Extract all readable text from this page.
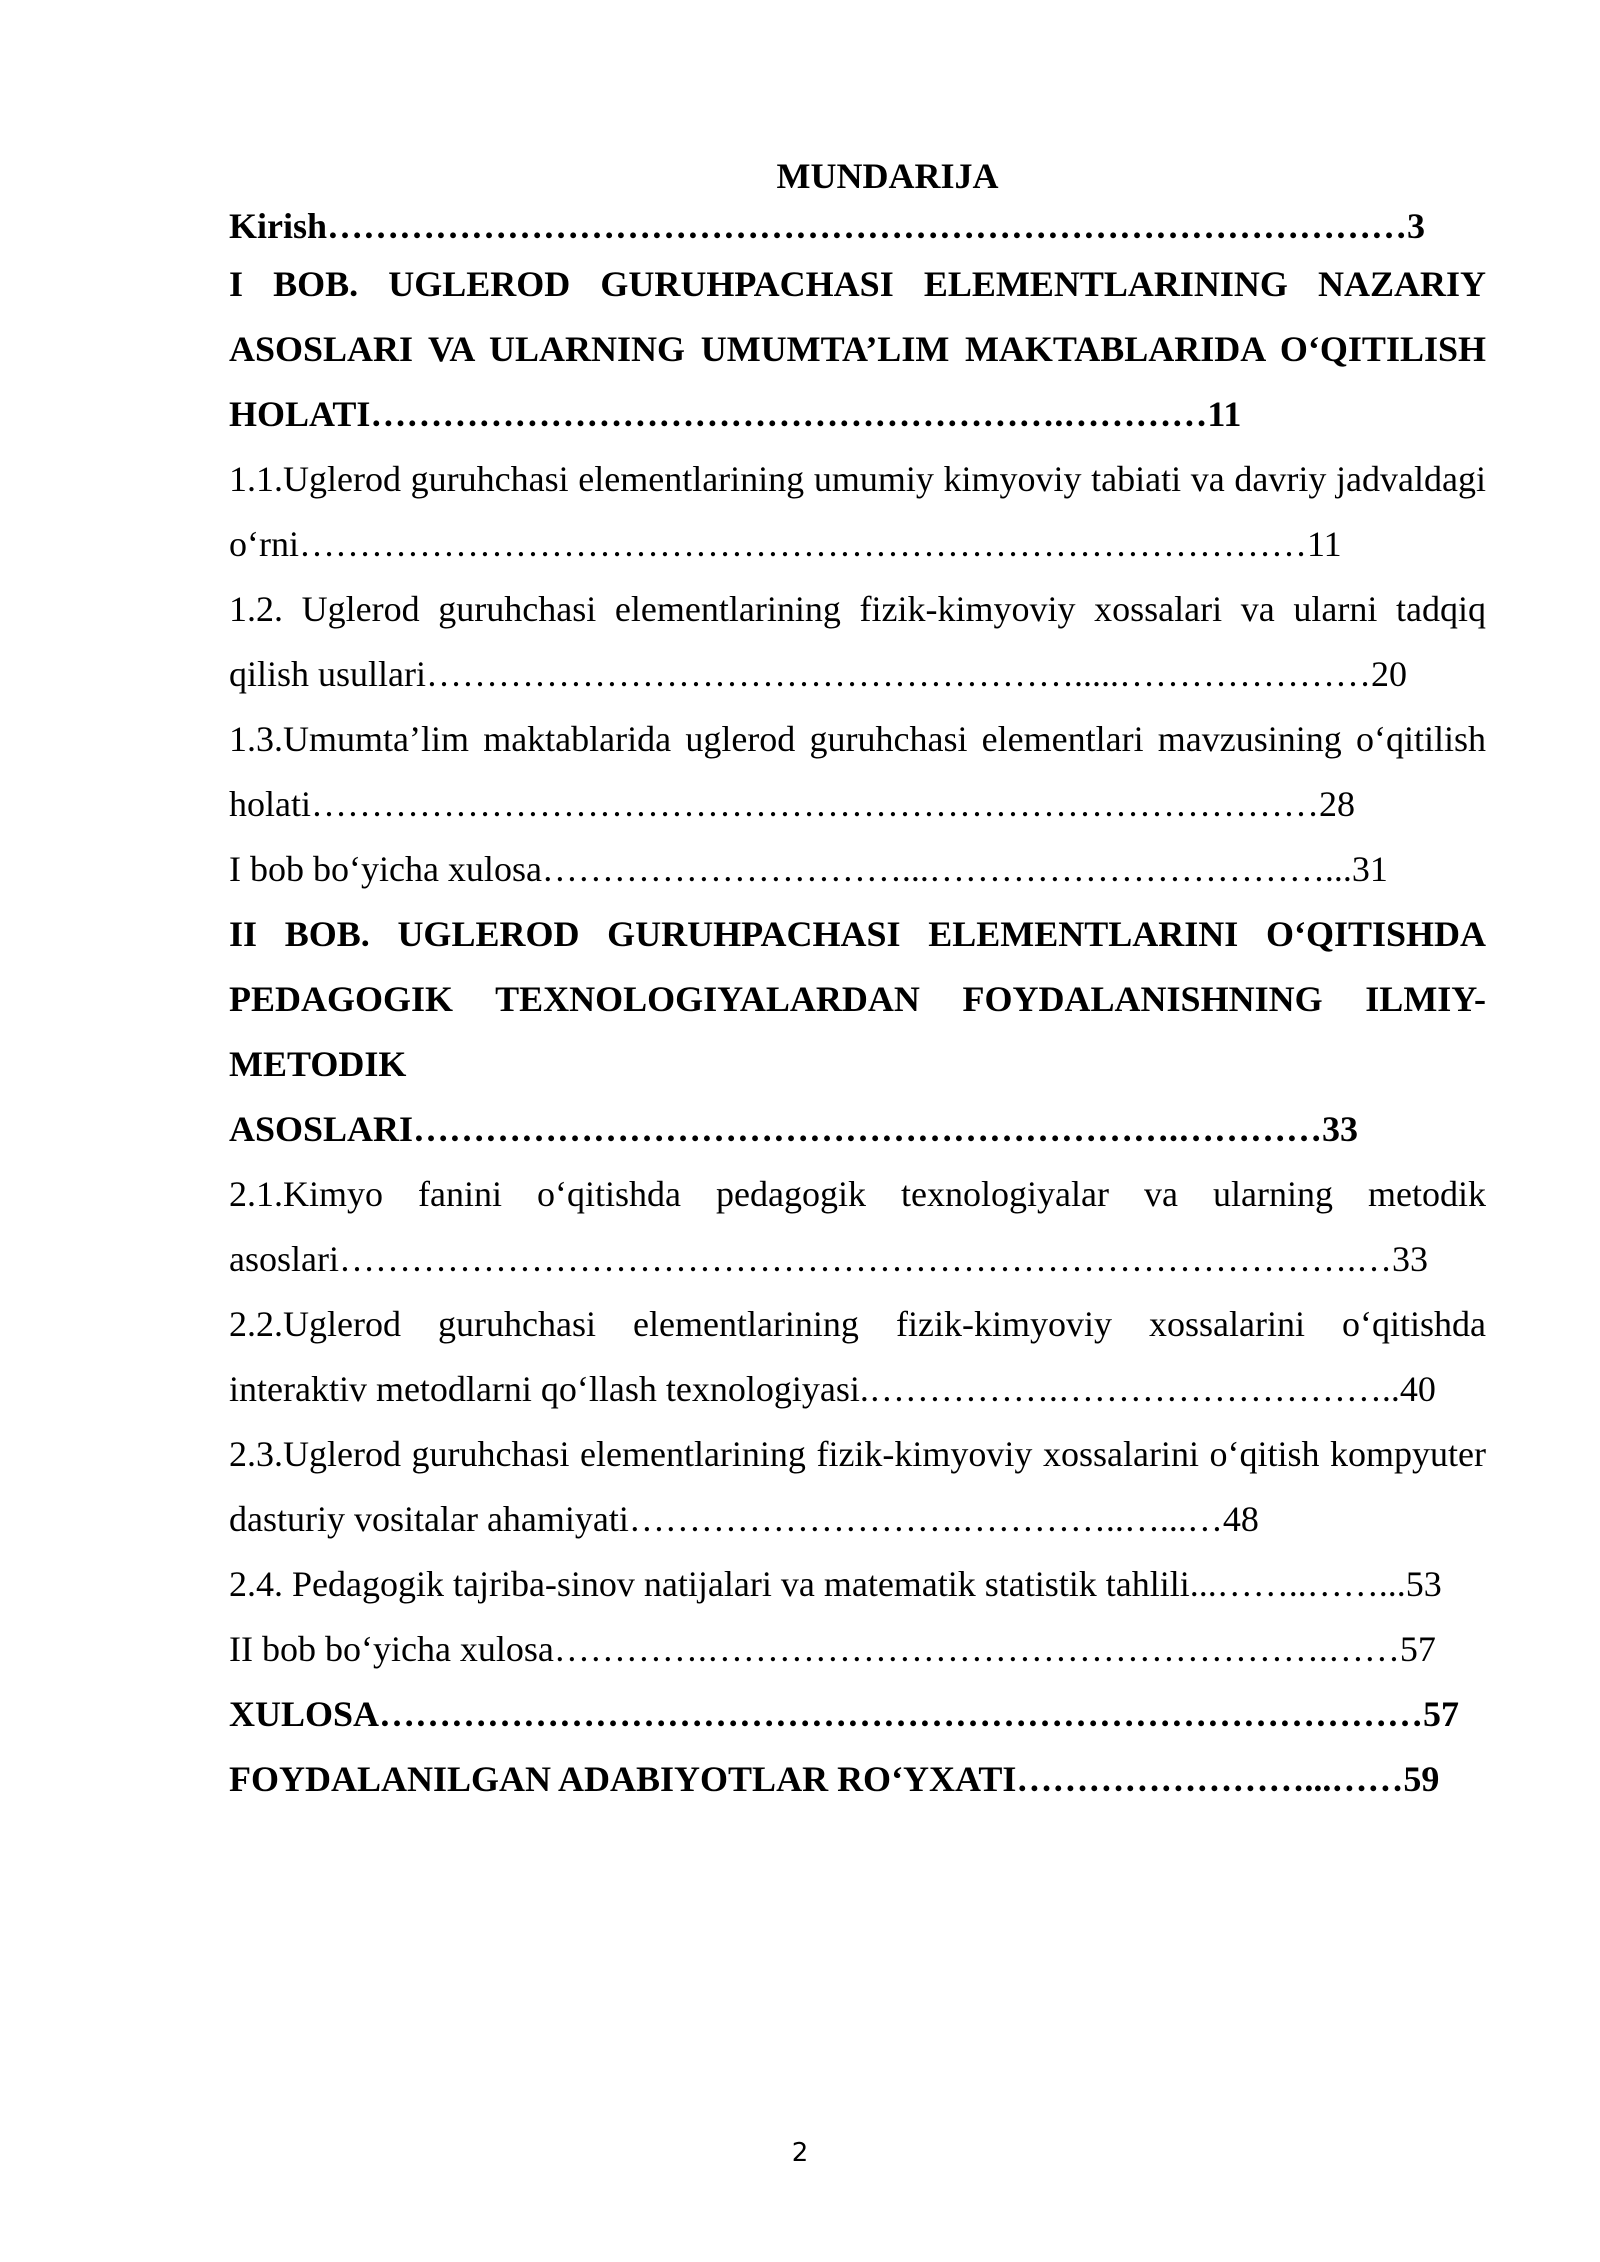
MUNDARIJA

Kirish………………………………………………………………………………3

I BOB. UGLEROD GURUHPACHASI ELEMENTLARINING NAZARIY ASOSLARI VA ULARNING UMUMTA’LIM MAKTABLARIDA O‘QITILISH HOLATI………………………………………………….…………11

1.1.Uglerod guruhchasi elementlarining umumiy kimyoviy tabiati va davriy jadvaldagi o‘rni…………………………………………………………………………11

1.2. Uglerod guruhchasi elementlarining fizik-kimyoviy xossalari va ularni tadqiq qilish usullari……………………………………………….....…………………20

1.3.Umumta’lim maktablarida uglerod guruhchasi elementlari mavzusining o‘qitilish holati…………………………………………………………………………28

I bob bo‘yicha xulosa…………………………...……………………………...31

II BOB. UGLEROD GURUHPACHASI ELEMENTLARINI O‘QITISHDA PEDAGOGIK TEXNOLOGIYALARDAN FOYDALANISHNING ILMIY-METODIK ASOSLARI……………………………………………………….…………33

2.1.Kimyo fanini o‘qitishda pedagogik texnologiyalar va ularning metodik asoslari………………………………………………………………………….…33

2.2.Uglerod guruhchasi elementlarining fizik-kimyoviy xossalarini o‘qitishda interaktiv metodlarni qo‘llash texnologiyasi.…………….………………………..40

2.3.Uglerod guruhchasi elementlarining fizik-kimyoviy xossalarini o‘qitish kompyuter dasturiy vositalar ahamiyati……………………….…………..…...…48

2.4. Pedagogik tajriba-sinov natijalari va matematik statistik tahlili...……..……...53

II bob bo‘yicha xulosa………….…………………………………………….……57

XULOSA……………………………………………………………………………57

FOYDALANILGAN ADABIYOTLAR RO‘YXATI……………………...……59

2
